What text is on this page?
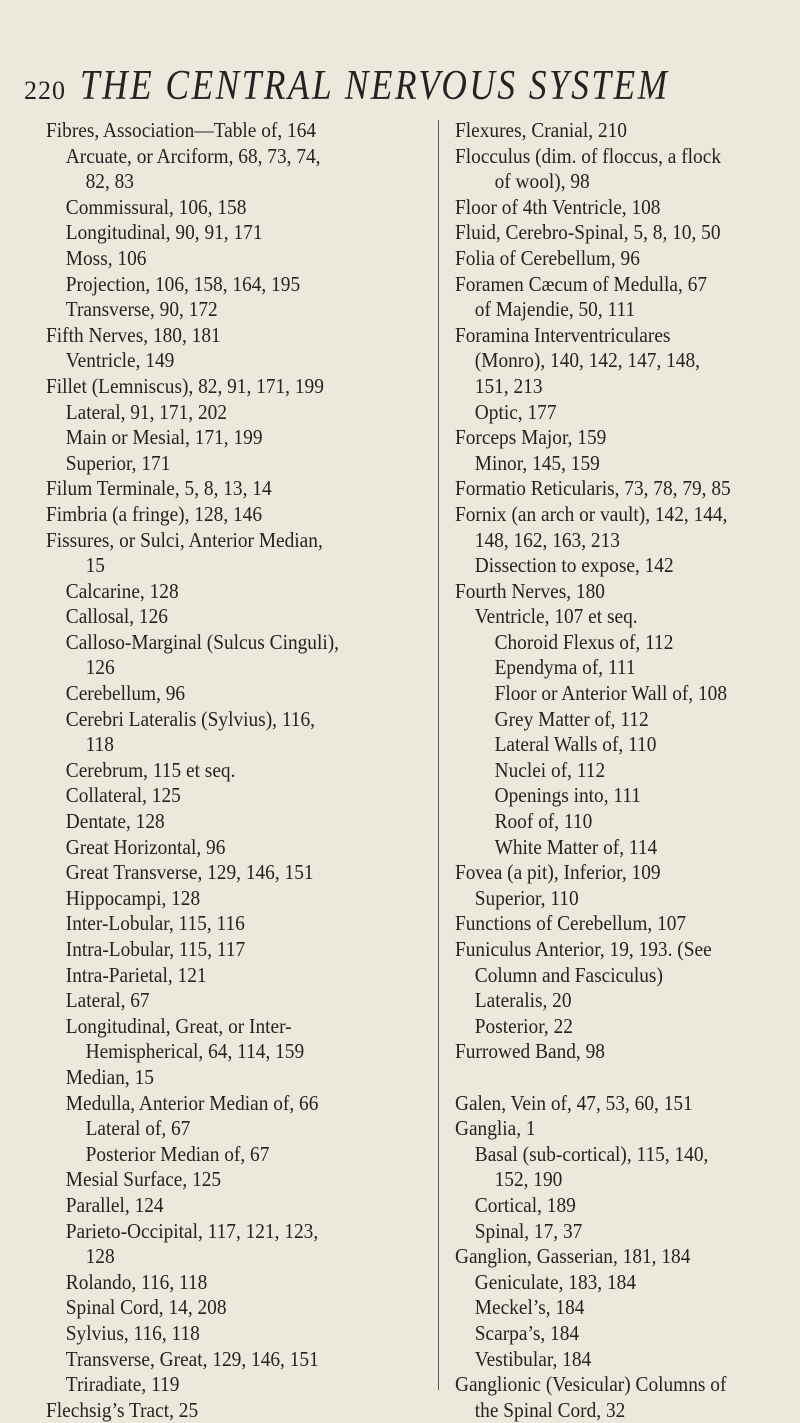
220 THE CENTRAL NERVOUS SYSTEM
Fibres, Association—Table of, 164
Arcuate, or Arciform, 68, 73, 74,
82, 83
Commissural, 106, 158
Longitudinal, 90, 91, 171
Moss, 106
Projection, 106, 158, 164, 195
Transverse, 90, 172
Fifth Nerves, 180, 181
Ventricle, 149
Fillet (Lemniscus), 82, 91, 171, 199
Lateral, 91, 171, 202
Main or Mesial, 171, 199
Superior, 171
Filum Terminale, 5, 8, 13, 14
Fimbria (a fringe), 128, 146
Fissures, or Sulci, Anterior Median,
15
Calcarine, 128
Callosal, 126
Calloso-Marginal (Sulcus Cinguli),
126
Cerebellum, 96
Cerebri Lateralis (Sylvius), 116,
118
Cerebrum, 115 et seq.
Collateral, 125
Dentate, 128
Great Horizontal, 96
Great Transverse, 129, 146, 151
Hippocampi, 128
Inter-Lobular, 115, 116
Intra-Lobular, 115, 117
Intra-Parietal, 121
Lateral, 67
Longitudinal, Great, or Inter-
Hemispherical, 64, 114, 159
Median, 15
Medulla, Anterior Median of, 66
Lateral of, 67
Posterior Median of, 67
Mesial Surface, 125
Parallel, 124
Parieto-Occipital, 117, 121, 123,
128
Rolando, 116, 118
Spinal Cord, 14, 208
Sylvius, 116, 118
Transverse, Great, 129, 146, 151
Triradiate, 119
Flechsig’s Tract, 25
Flexures, Cranial, 210
Flocculus (dim. of floccus, a flock
of wool), 98
Floor of 4th Ventricle, 108
Fluid, Cerebro-Spinal, 5, 8, 10, 50
Folia of Cerebellum, 96
Foramen Cæcum of Medulla, 67
of Majendie, 50, 111
Foramina Interventriculares
(Monro), 140, 142, 147, 148,
151, 213
Optic, 177
Forceps Major, 159
Minor, 145, 159
Formatio Reticularis, 73, 78, 79, 85
Fornix (an arch or vault), 142, 144,
148, 162, 163, 213
Dissection to expose, 142
Fourth Nerves, 180
Ventricle, 107 et seq.
Choroid Flexus of, 112
Ependyma of, 111
Floor or Anterior Wall of, 108
Grey Matter of, 112
Lateral Walls of, 110
Nuclei of, 112
Openings into, 111
Roof of, 110
White Matter of, 114
Fovea (a pit), Inferior, 109
Superior, 110
Functions of Cerebellum, 107
Funiculus Anterior, 19, 193. (See
Column and Fasciculus)
Lateralis, 20
Posterior, 22
Furrowed Band, 98
Galen, Vein of, 47, 53, 60, 151
Ganglia, 1
Basal (sub-cortical), 115, 140,
152, 190
Cortical, 189
Spinal, 17, 37
Ganglion, Gasserian, 181, 184
Geniculate, 183, 184
Meckel’s, 184
Scarpa’s, 184
Vestibular, 184
Ganglionic (Vesicular) Columns of
the Spinal Cord, 32
